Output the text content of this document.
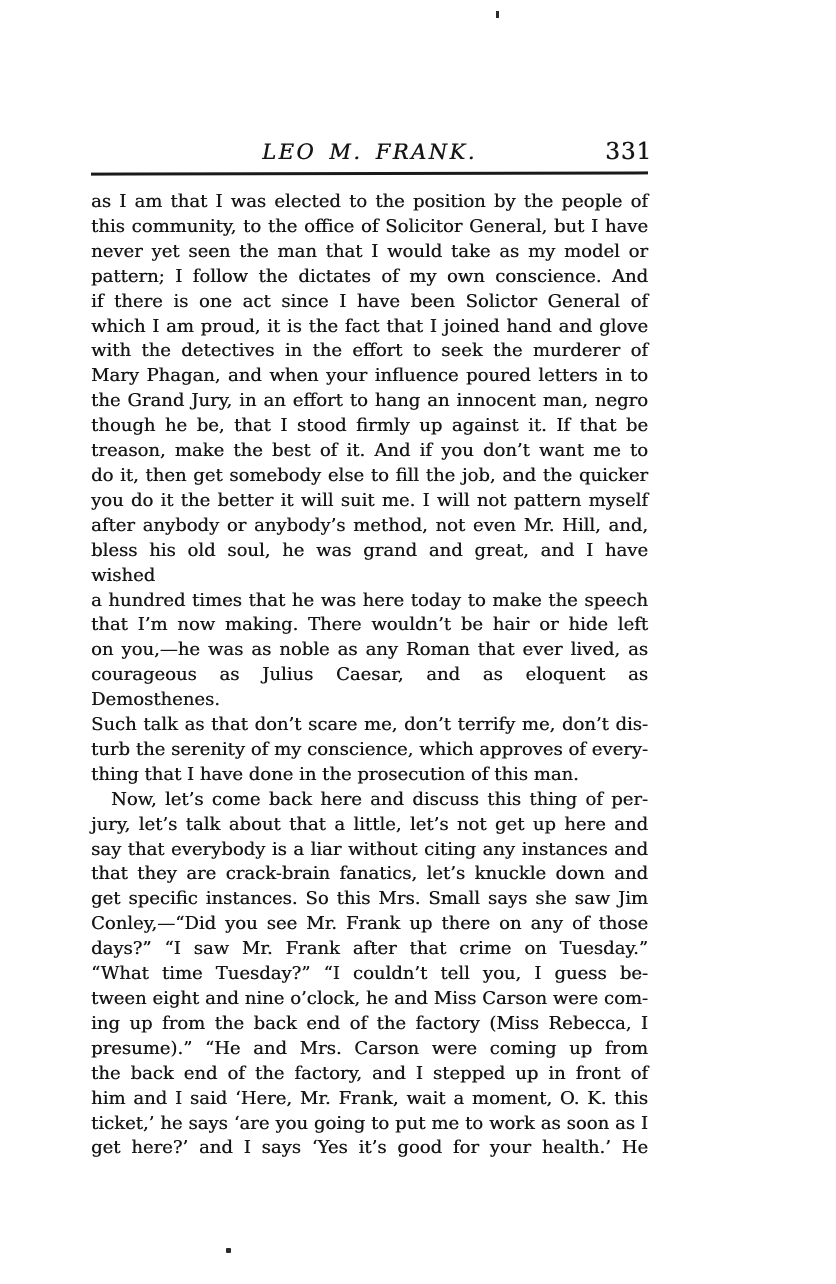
LEO M. FRANK.	331
as I am that I was elected to the position by the people of
this community, to the office of Solicitor General, but I have
never yet seen the man that I would take as my model or
pattern; I follow the dictates of my own conscience. And
if there is one act since I have been Solictor General of
which I am proud, it is the fact that I joined hand and glove
with the detectives in the effort to seek the murderer of
Mary Phagan, and when your influence poured letters in to
the Grand Jury, in an effort to hang an innocent man, negro
though he be, that I stood firmly up against it. If that be
treason, make the best of it. And if you don’t want me to
do it, then get somebody else to fill the job, and the quicker
you do it the better it will suit me. I will not pattern myself
after anybody or anybody’s method, not even Mr. Hill, and,
bless his old soul, he was grand and great, and I have wished
a hundred times that he was here today to make the speech
that I’m now making. There wouldn’t be hair or hide left
on you,—he was as noble as any Roman that ever lived, as
courageous as Julius Caesar, and as eloquent as Demosthenes.
Such talk as that don’t scare me, don’t terrify me, don’t dis-
turb the serenity of my conscience, which approves of every-
thing that I have done in the prosecution of this man.
Now, let’s come back here and discuss this thing of per-
jury, let’s talk about that a little, let’s not get up here and
say that everybody is a liar without citing any instances and
that they are crack-brain fanatics, let’s knuckle down and
get specific instances. So this Mrs. Small says she saw Jim
Conley,—“Did you see Mr. Frank up there on any of those
days?” “I saw Mr. Frank after that crime on Tuesday.”
“What time Tuesday?” “I couldn’t tell you, I guess be-
tween eight and nine o’clock, he and Miss Carson were com-
ing up from the back end of the factory (Miss Rebecca, I
presume).” “He and Mrs. Carson were coming up from
the back end of the factory, and I stepped up in front of
him and I said ‘Here, Mr. Frank, wait a moment, O. K. this
ticket,’ he says ‘are you going to put me to work as soon as I
get here?’ and I says ‘Yes it’s good for your health.’ He
